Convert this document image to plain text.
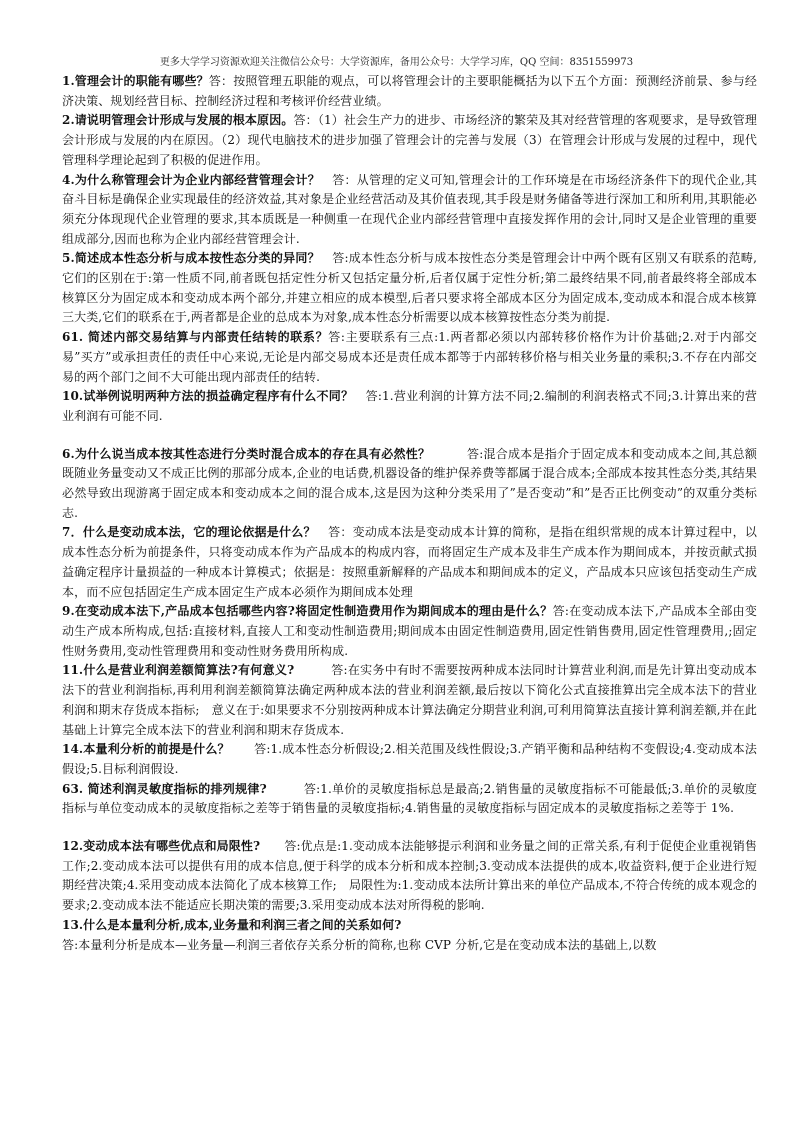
更多大学学习资源欢迎关注微信公众号：大学资源库，备用公众号：大学学习库，QQ 空间：8351559973

1.管理会计的职能有哪些？答：按照管理五职能的观点，可以将管理会计的主要职能概括为以下五个方面：预测经济前景、参与经济决策、规划经营目标、控制经济过程和考核评价经营业绩。

2.请说明管理会计形成与发展的根本原因。答：（1）社会生产力的进步、市场经济的繁荣及其对经营管理的客观要求，是导致管理会计形成与发展的内在原因。（2）现代电脑技术的进步加强了管理会计的完善与发展（3）在管理会计形成与发展的过程中，现代管理科学理论起到了积极的促进作用。

4.为什么称管理会计为企业内部经营管理会计？　答：从管理的定义可知,管理会计的工作环境是在市场经济条件下的现代企业,其奋斗目标是确保企业实现最佳的经济效益,其对象是企业经营活动及其价值表现,其手段是财务储备等进行深加工和所利用,其职能必须充分体现现代企业管理的要求,其本质既是一种侧重一在现代企业内部经营管理中直接发挥作用的会计,同时又是企业管理的重要组成部分,因而也称为企业内部经营管理会计.

5.简述成本性态分析与成本按性态分类的异同？　答:成本性态分析与成本按性态分类是管理会计中两个既有区别又有联系的范畴,它们的区别在于:第一性质不同,前者既包括定性分析又包括定量分析,后者仅属于定性分析;第二最终结果不同,前者最终将全部成本核算区分为固定成本和变动成本两个部分,并建立相应的成本模型,后者只要求将全部成本区分为固定成本,变动成本和混合成本核算三大类,它们的联系在于,两者都是企业的总成本为对象,成本性态分析需要以成本核算按性态分类为前提.

61. 简述内部交易结算与内部责任结转的联系？答:主要联系有三点:1.两者都必须以内部转移价格作为计价基础;2.对于内部交易”买方”或承担责任的责任中心来说,无论是内部交易成本还是责任成本都等于内部转移价格与相关业务量的乘积;3.不存在内部交易的两个部门之间不大可能出现内部责任的结转.

10.试举例说明两种方法的损益确定程序有什么不同？　答:1.营业利润的计算方法不同;2.编制的利润表格式不同;3.计算出来的营业利润有可能不同.

6.为什么说当成本按其性态进行分类时混合成本的存在具有必然性？　　　答:混合成本是指介于固定成本和变动成本之间,其总额既随业务量变动又不成正比例的那部分成本,企业的电话费,机器设备的维护保养费等都属于混合成本;全部成本按其性态分类,其结果必然导致出现游离于固定成本和变动成本之间的混合成本,这是因为这种分类采用了”是否变动”和”是否正比例变动”的双重分类标志.

7．什么是变动成本法，它的理论依据是什么？　答：变动成本法是变动成本计算的简称，是指在组织常规的成本计算过程中，以成本性态分析为前提条件，只将变动成本作为产品成本的构成内容，而将固定生产成本及非生产成本作为期间成本，并按贡献式损益确定程序计量损益的一种成本计算模式；依据是：按照重新解释的产品成本和期间成本的定义，产品成本只应该包括变动生产成本，而不应包括固定生产成本固定生产成本必须作为期间成本处理

9.在变动成本法下,产品成本包括哪些内容?将固定性制造费用作为期间成本的理由是什么？答:在变动成本法下,产品成本全部由变动生产成本所构成,包括:直接材料,直接人工和变动性制造费用;期间成本由固定性制造费用,固定性销售费用,固定性管理费用,;固定性财务费用,变动性管理费用和变动性财务费用所构成.

11.什么是营业利润差额简算法?有何意义?　　　答:在实务中有时不需要按两种成本法同时计算营业利润,而是先计算出变动成本法下的营业利润指标,再利用利润差额简算法确定两种成本法的营业利润差额,最后按以下简化公式直接推算出完全成本法下的营业利润和期末存货成本指标;　意义在于:如果要求不分别按两种成本计算法确定分期营业利润,可利用简算法直接计算利润差额,并在此基础上计算完全成本法下的营业利润和期末存货成本.

14.本量利分析的前提是什么？　　答:1.成本性态分析假设;2.相关范围及线性假设;3.产销平衡和品种结构不变假设;4.变动成本法假设;5.目标利润假设.

63. 简述利润灵敏度指标的排列规律?　　　答:1.单价的灵敏度指标总是最高;2.销售量的灵敏度指标不可能最低;3.单价的灵敏度指标与单位变动成本的灵敏度指标之差等于销售量的灵敏度指标;4.销售量的灵敏度指标与固定成本的灵敏度指标之差等于 1%.

12.变动成本法有哪些优点和局限性?　　答:优点是:1.变动成本法能够提示利润和业务量之间的正常关系,有利于促使企业重视销售工作;2.变动成本法可以提供有用的成本信息,便于科学的成本分析和成本控制;3.变动成本法提供的成本,收益资料,便于企业进行短期经营决策;4.采用变动成本法简化了成本核算工作;　局限性为:1.变动成本法所计算出来的单位产品成本,不符合传统的成本观念的要求;2.变动成本法不能适应长期决策的需要;3.采用变动成本法对所得税的影响.

13.什么是本量利分析,成本,业务量和利润三者之间的关系如何?

答:本量利分析是成本—业务量—利润三者依存关系分析的简称,也称 CVP 分析,它是在变动成本法的基础上,以数
